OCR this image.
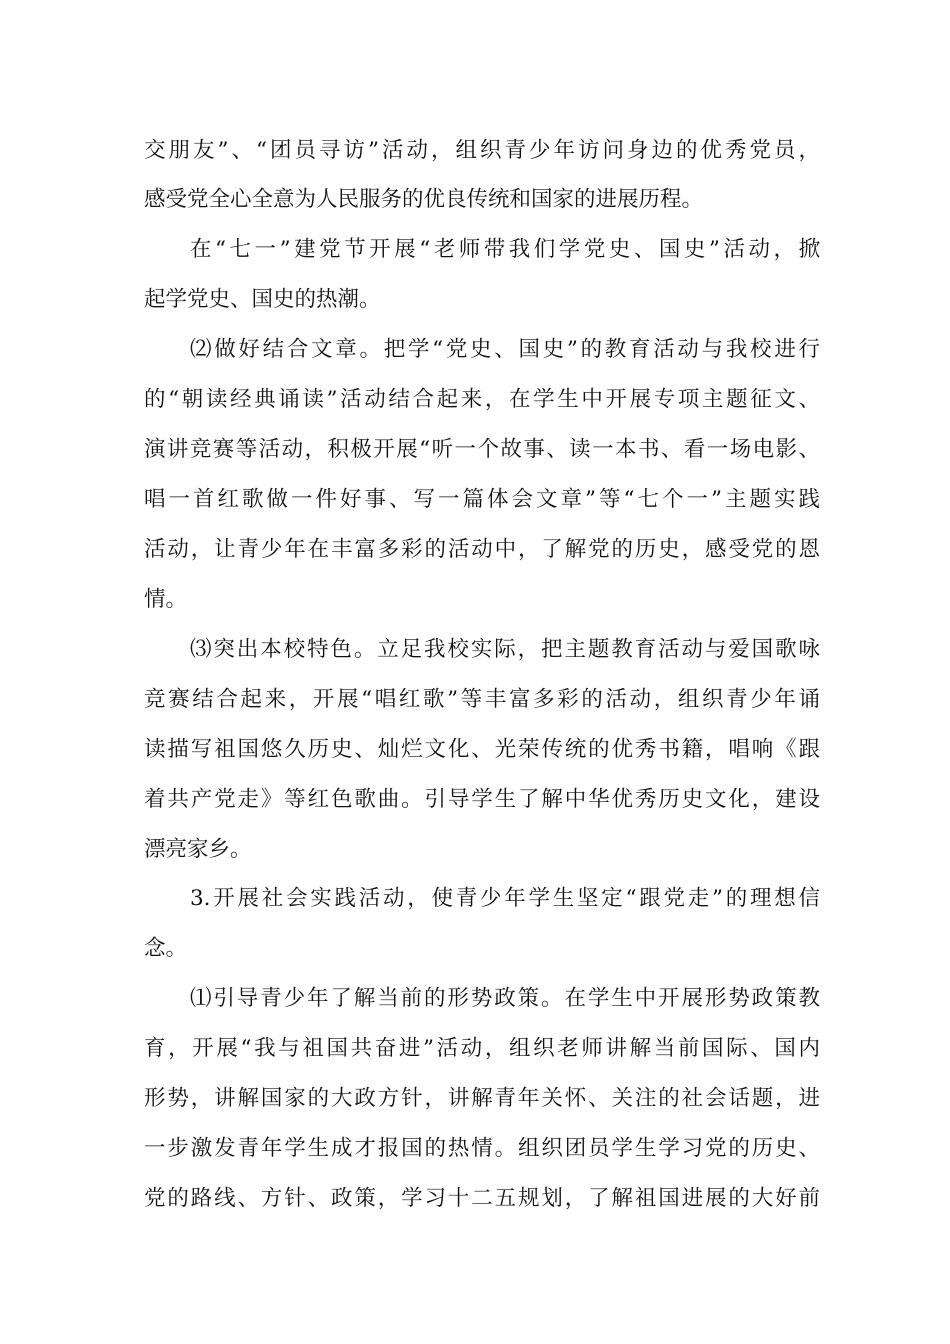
交朋友”、“团员寻访”活动，组织青少年访问身边的优秀党员，
感受党全心全意为人民服务的优良传统和国家的进展历程。
在“七一”建党节开展“老师带我们学党史、国史”活动，掀
起学党史、国史的热潮。
⑵做好结合文章。把学“党史、国史”的教育活动与我校进行
的“朝读经典诵读”活动结合起来，在学生中开展专项主题征文、
演讲竞赛等活动，积极开展“听一个故事、读一本书、看一场电影、
唱一首红歌做一件好事、写一篇体会文章”等“七个一”主题实践
活动，让青少年在丰富多彩的活动中，了解党的历史，感受党的恩
情。
⑶突出本校特色。立足我校实际，把主题教育活动与爱国歌咏
竞赛结合起来，开展“唱红歌”等丰富多彩的活动，组织青少年诵
读描写祖国悠久历史、灿烂文化、光荣传统的优秀书籍，唱响《跟
着共产党走》等红色歌曲。引导学生了解中华优秀历史文化，建设
漂亮家乡。
3.开展社会实践活动，使青少年学生坚定“跟党走”的理想信
念。
⑴引导青少年了解当前的形势政策。在学生中开展形势政策教
育，开展“我与祖国共奋进”活动，组织老师讲解当前国际、国内
形势，讲解国家的大政方针，讲解青年关怀、关注的社会话题，进
一步激发青年学生成才报国的热情。组织团员学生学习党的历史、
党的路线、方针、政策，学习十二五规划，了解祖国进展的大好前
